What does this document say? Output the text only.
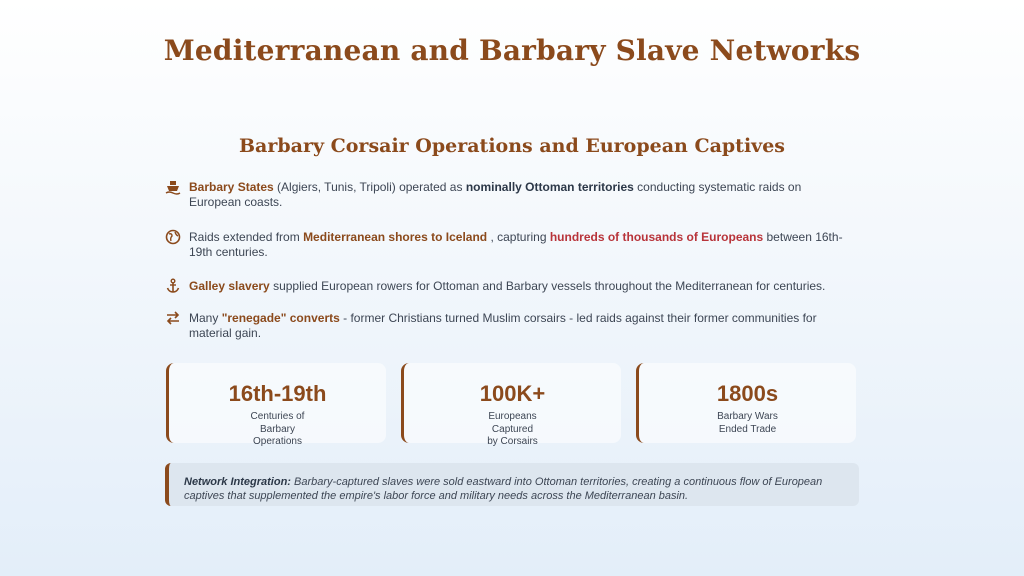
Mediterranean and Barbary Slave Networks
Barbary Corsair Operations and European Captives
Barbary States (Algiers, Tunis, Tripoli) operated as nominally Ottoman territories conducting systematic raids on European coasts.
Raids extended from Mediterranean shores to Iceland , capturing hundreds of thousands of Europeans between 16th-19th centuries.
Galley slavery supplied European rowers for Ottoman and Barbary vessels throughout the Mediterranean for centuries.
Many "renegade" converts - former Christians turned Muslim corsairs - led raids against their former communities for material gain.
16th-19th
Centuries of
Barbary
Operations
100K+
Europeans
Captured
by Corsairs
1800s
Barbary Wars
Ended Trade
Network Integration: Barbary-captured slaves were sold eastward into Ottoman territories, creating a continuous flow of European captives that supplemented the empire's labor force and military needs across the Mediterranean basin.
